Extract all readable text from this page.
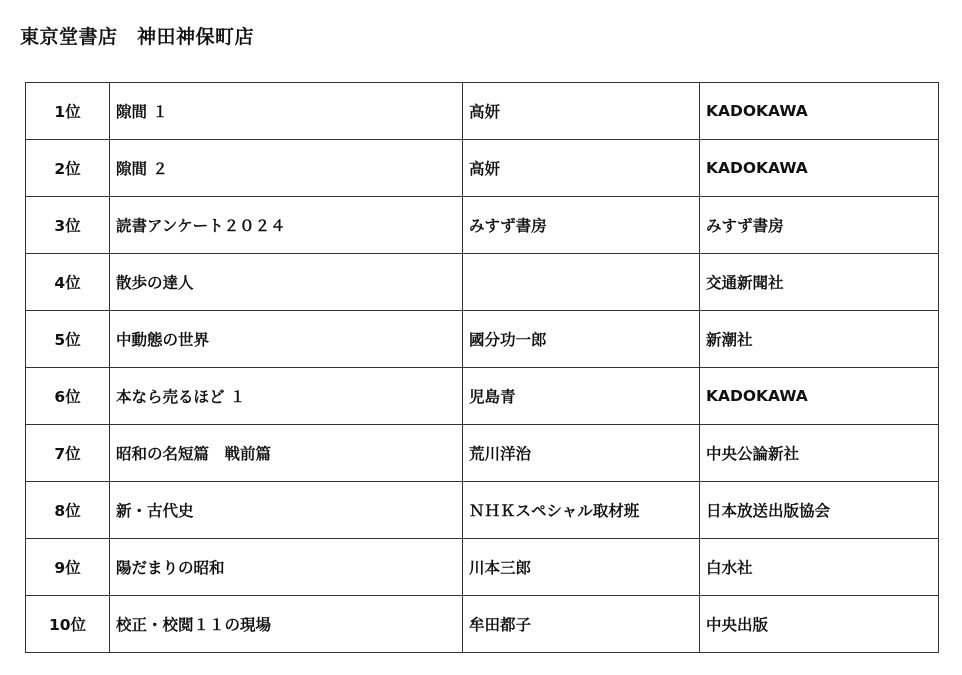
東京堂書店　神田神保町店
1位	隙間 １	高妍	KADOKAWA
2位	隙間 ２	高妍	KADOKAWA
3位	読書アンケート２０２４	みすず書房	みすず書房
4位	散歩の達人		交通新聞社
5位	中動態の世界	國分功一郎	新潮社
6位	本なら売るほど １	児島青	KADOKAWA
7位	昭和の名短篇　戦前篇	荒川洋治	中央公論新社
8位	新・古代史	ＮＨＫスペシャル取材班	日本放送出版協会
9位	陽だまりの昭和	川本三郎	白水社
10位	校正・校閲１１の現場	牟田都子	中央出版
